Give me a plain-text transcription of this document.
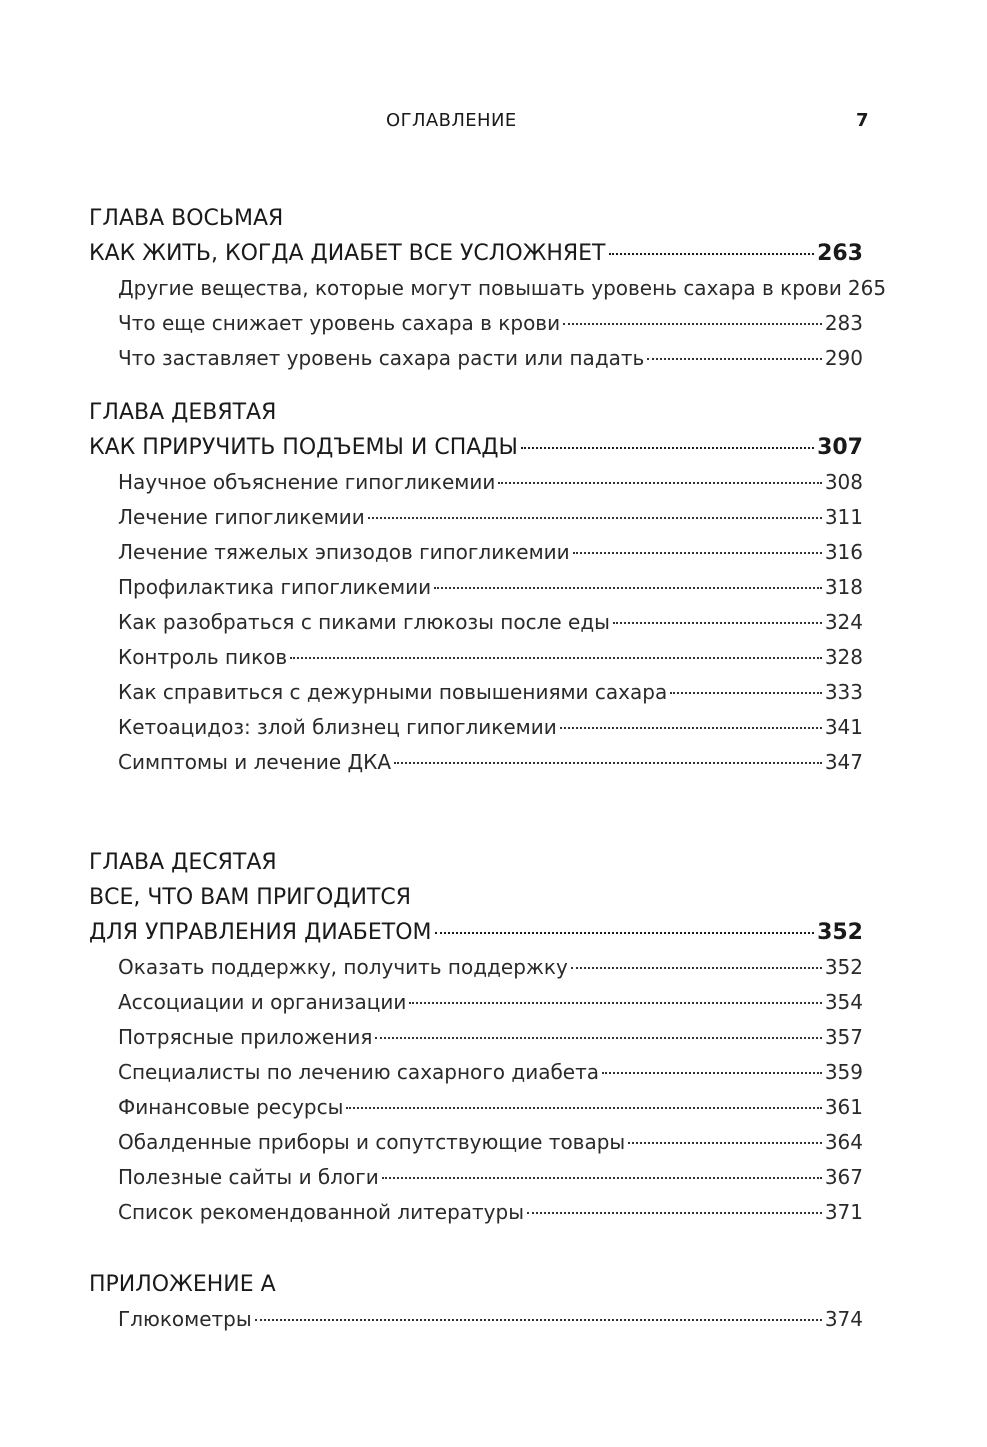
ОГЛАВЛЕНИЕ	7
ГЛАВА ВОСЬМАЯ
КАК ЖИТЬ, КОГДА ДИАБЕТ ВСЕ УСЛОЖНЯЕТ	263
Другие вещества, которые могут повышать уровень сахара в крови 265
Что еще снижает уровень сахара в крови	283
Что заставляет уровень сахара расти или падать	290
ГЛАВА ДЕВЯТАЯ
КАК ПРИРУЧИТЬ ПОДЪЕМЫ И СПАДЫ	307
Научное объяснение гипогликемии	308
Лечение гипогликемии	311
Лечение тяжелых эпизодов гипогликемии	316
Профилактика гипогликемии	318
Как разобраться с пиками глюкозы после еды	324
Контроль пиков	328
Как справиться с дежурными повышениями сахара	333
Кетоацидоз: злой близнец гипогликемии	341
Симптомы и лечение ДКА	347
ГЛАВА ДЕСЯТАЯ
ВСЕ, ЧТО ВАМ ПРИГОДИТСЯ
ДЛЯ УПРАВЛЕНИЯ ДИАБЕТОМ	352
Оказать поддержку, получить поддержку	352
Ассоциации и организации	354
Потрясные приложения	357
Специалисты по лечению сахарного диабета	359
Финансовые ресурсы	361
Обалденные приборы и сопутствующие товары	364
Полезные сайты и блоги	367
Список рекомендованной литературы	371
ПРИЛОЖЕНИЕ А
Глюкометры	374
